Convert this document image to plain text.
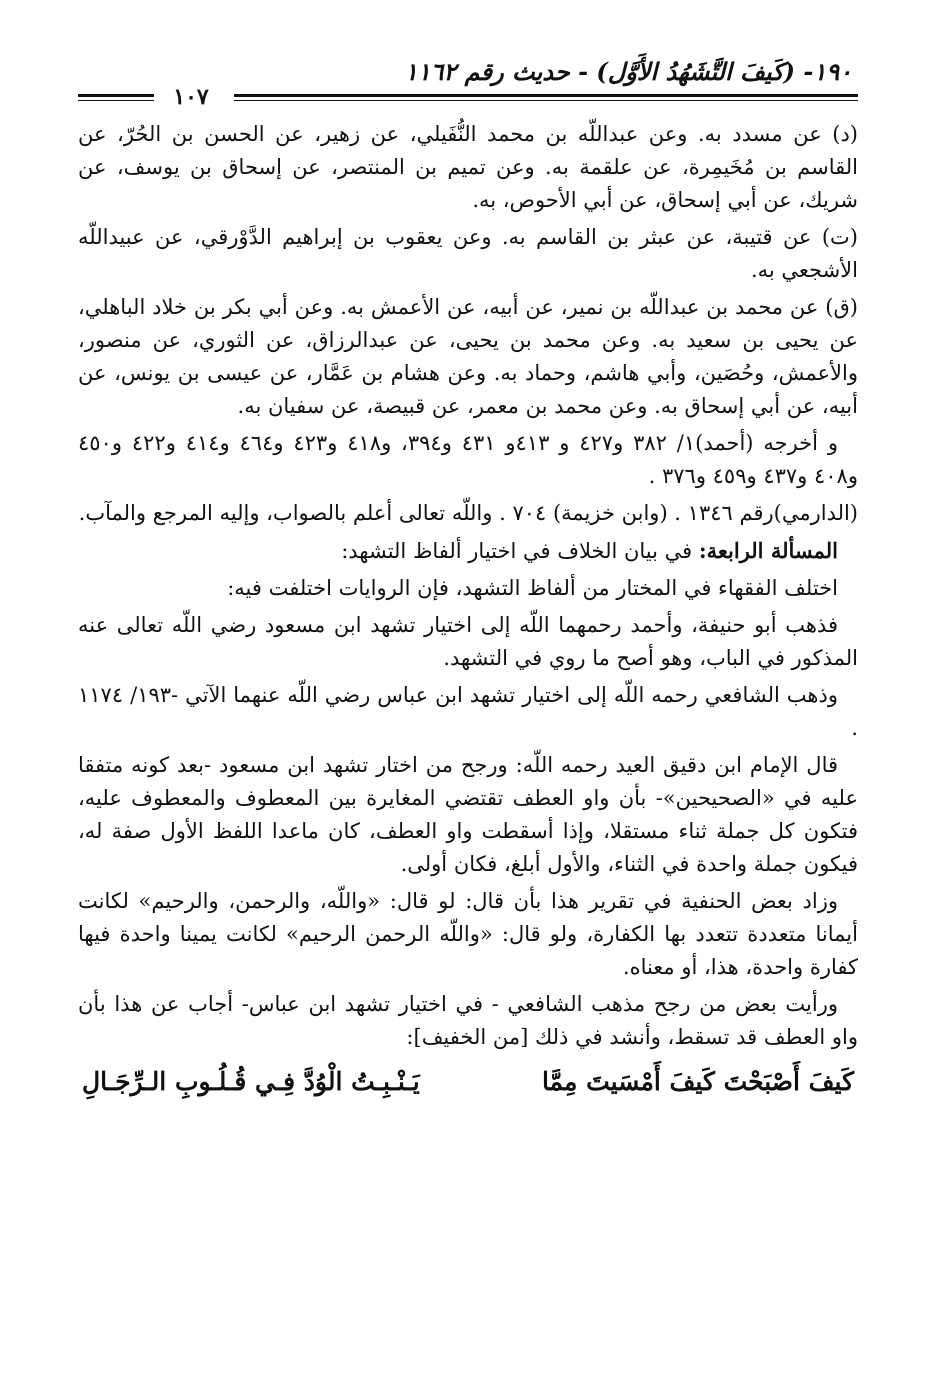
١٩٠- (كَيفَ التَّشَهُدُ الأَوَّل) - حديث رقم ١١٦٢
١٠٧

(د) عن مسدد به. وعن عبداللّه بن محمد النُّفَيلي، عن زهير، عن الحسن بن الحُرّ، عن القاسم بن مُخَيمِرة، عن علقمة به. وعن تميم بن المنتصر، عن إسحاق بن يوسف، عن شريك، عن أبي إسحاق، عن أبي الأحوص، به.

(ت) عن قتيبة، عن عبثر بن القاسم به. وعن يعقوب بن إبراهيم الدَّوْرقي، عن عبيداللّه الأشجعي به.

(ق) عن محمد بن عبداللّه بن نمير، عن أبيه، عن الأعمش به. وعن أبي بكر بن خلاد الباهلي، عن يحيى بن سعيد به. وعن محمد بن يحيى، عن عبدالرزاق، عن الثوري، عن منصور، والأعمش، وحُصَين، وأبي هاشم، وحماد به. وعن هشام بن عَمَّار، عن عيسى بن يونس، عن أبيه، عن أبي إسحاق به. وعن محمد بن معمر، عن قبيصة، عن سفيان به.

و أخرجه (أحمد)١/ ٣٨٢ و٤٢٧ و ٤١٣و ٤٣١ و٣٩٤، و٤١٨ و٤٢٣ و٤٦٤ و٤١٤ و٤٢٢ و٤٥٠ و٤٠٨ و٤٣٧ و٤٥٩ و٣٧٦ .

(الدارمي)رقم ١٣٤٦ . (وابن خزيمة) ٧٠٤ . واللّه تعالى أعلم بالصواب، وإليه المرجع والمآب.

المسألة الرابعة: في بيان الخلاف في اختيار ألفاظ التشهد:

اختلف الفقهاء في المختار من ألفاظ التشهد، فإن الروايات اختلفت فيه:

فذهب أبو حنيفة، وأحمد رحمهما اللّه إلى اختيار تشهد ابن مسعود رضي اللّه تعالى عنه المذكور في الباب، وهو أصح ما روي في التشهد.

وذهب الشافعي رحمه اللّه إلى اختيار تشهد ابن عباس رضي اللّه عنهما الآتي -١٩٣/ ١١٧٤ .

قال الإمام ابن دقيق العيد رحمه اللّه: ورجح من اختار تشهد ابن مسعود -بعد كونه متفقا عليه في «الصحيحين»- بأن واو العطف تقتضي المغايرة بين المعطوف والمعطوف عليه، فتكون كل جملة ثناء مستقلا، وإذا أسقطت واو العطف، كان ماعدا اللفظ الأول صفة له، فيكون جملة واحدة في الثناء، والأول أبلغ، فكان أولى.

وزاد بعض الحنفية في تقرير هذا بأن قال: لو قال: «واللّه، والرحمن، والرحيم» لكانت أيمانا متعددة تتعدد بها الكفارة، ولو قال: «واللّه الرحمن الرحيم» لكانت يمينا واحدة فيها كفارة واحدة، هذا، أو معناه.

ورأيت بعض من رجح مذهب الشافعي - في اختيار تشهد ابن عباس- أجاب عن هذا بأن واو العطف قد تسقط، وأنشد في ذلك [من الخفيف]:

كَيفَ أَصْبَحْتَ كَيفَ أَمْسَيتَ مِمَّا
يَـنْـبِـتُ الْوُدَّ فِـي قُـلُـوبِ الـرِّجَـالِ
